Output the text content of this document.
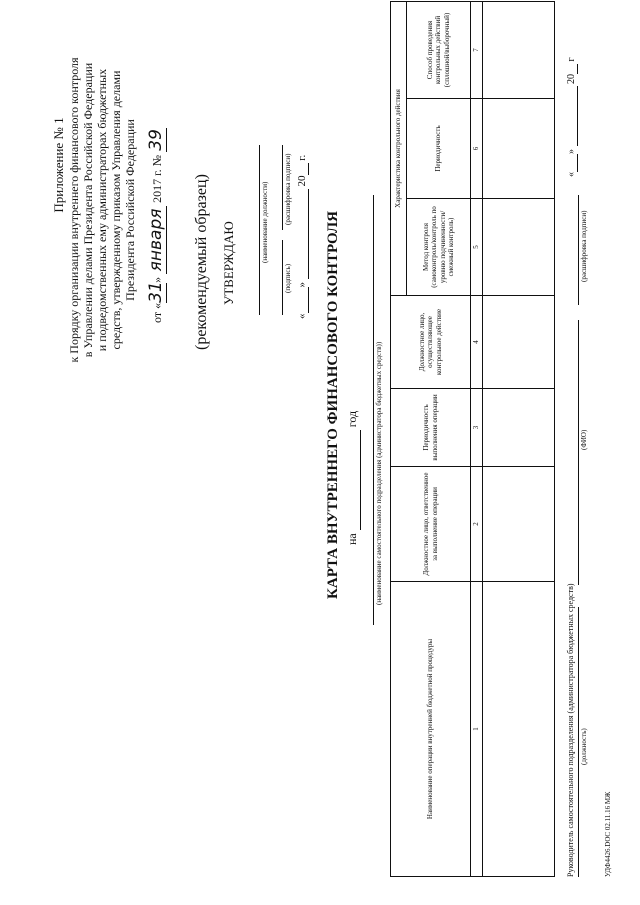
Приложение № 1 к Порядку организации внутреннего финансового контроля в Управлении делами Президента Российской Федерации и подведомственных ему администраторах бюджетных средств, утвержденному приказом Управления делами Президента Российской Федерации
от «31» января 2017 г. № 39
(рекомендуемый образец) УТВЕРЖДАЮ	(наименование должности)
(подпись)
(расшифровка подписи)
« »   20  г.
КАРТА ВНУТРЕННЕГО ФИНАНСОВОГО КОНТРОЛЯ на   год (наименование самостоятельного подразделения (администратора бюджетных средств))
Наименование операции внутренней бюджетной процедуры	Должностное лицо, ответственное за выполнение операции	Периодичность выполнения операции	Должностное лицо, осуществляющее контрольное действие	Характеристика контрольного действия		
				Метод контроля (самоконтроль/контроль по уровню подчиненности/ смежный контроль)	Периодичность	Способ проведения контрольных действий (сплошной/выборочный)
1	2	3	4	5	6	7

Руководитель самостоятельного подразделения (администратора бюджетных средств) (должность)
(ФИО)
(расшифровка подписи)
« »   20  г
УДФ4426.DOC 02.11.16 МЖ
